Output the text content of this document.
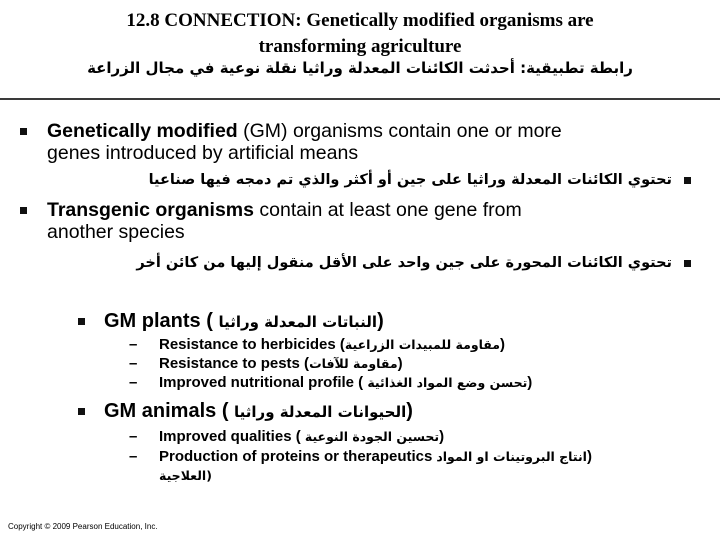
12.8 CONNECTION: Genetically modified organisms are
transforming agriculture
رابطة تطبيقية: أحدثت الكائنات المعدلة وراثيا نقلة نوعية في مجال الزراعة
Genetically modified (GM) organisms contain one or more
genes introduced by artificial means
تحتوي الكائنات المعدلة وراثيا على جين أو أكثر والذي تم دمجه فيها صناعيا
Transgenic organisms contain at least one gene from
another species
تحتوي الكائنات المحورة على جين واحد على الأقل منقول إليها من كائن أخر
GM plants ( النباتات المعدلة وراثيا)
– Resistance to herbicides (مقاومة للمبيدات الزراعية)
– Resistance to pests (مقاومة للآفات)
– Improved nutritional profile ( تحسن وضع المواد الغذائية)
GM animals ( الحيوانات المعدلة وراثيا)
– Improved qualities ( تحسين الجودة النوعية)
– Production of proteins or therapeutics انتاج البروتينات او المواد)
(العلاجية
Copyright © 2009 Pearson Education, Inc.
